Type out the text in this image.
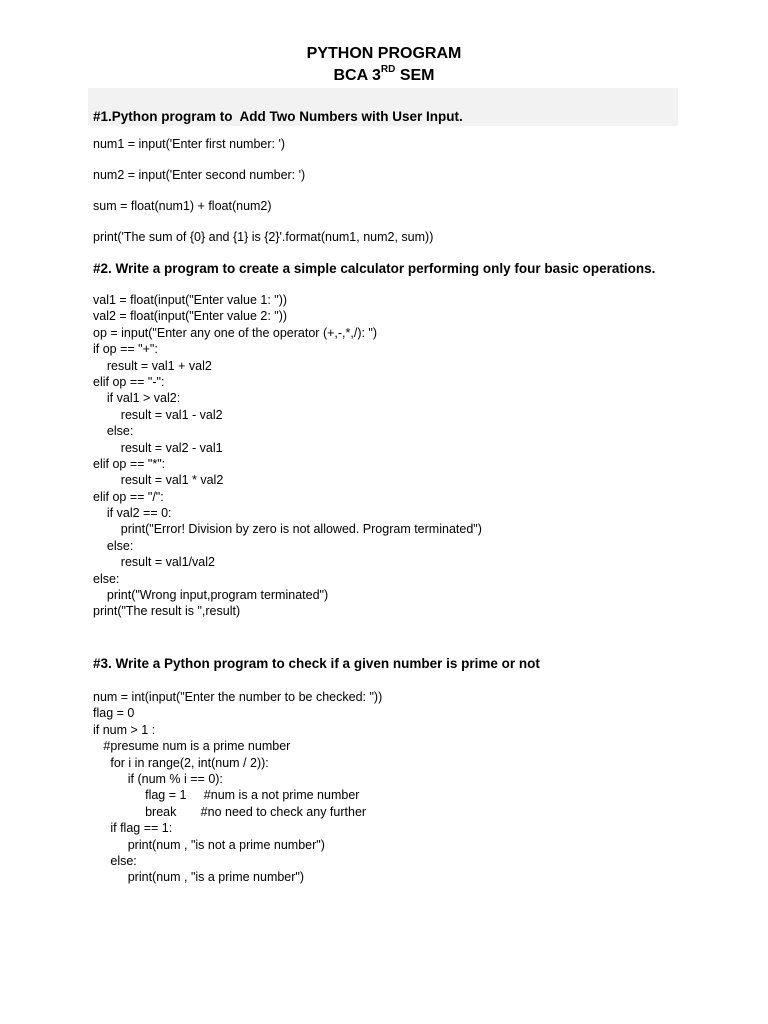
PYTHON PROGRAM
BCA 3RD SEM
#1.Python program to  Add Two Numbers with User Input.
num1 = input('Enter first number: ')
num2 = input('Enter second number: ')
sum = float(num1) + float(num2)
print('The sum of {0} and {1} is {2}'.format(num1, num2, sum))
#2. Write a program to create a simple calculator performing only four basic operations.
val1 = float(input("Enter value 1: "))
val2 = float(input("Enter value 2: "))
op = input("Enter any one of the operator (+,-,*,/): ")
if op == "+":
result = val1 + val2
elif op == "-":
if val1 > val2:
result = val1 - val2
else:
result = val2 - val1
elif op == "*":
result = val1 * val2
elif op == "/":
if val2 == 0:
print("Error! Division by zero is not allowed. Program terminated")
else:
result = val1/val2
else:
print("Wrong input,program terminated")
print("The result is ",result)
#3. Write a Python program to check if a given number is prime or not
num = int(input("Enter the number to be checked: "))
flag = 0
if num > 1 :
#presume num is a prime number
for i in range(2, int(num / 2)):
if (num % i == 0):
flag = 1     #num is a not prime number
break       #no need to check any further
if flag == 1:
print(num , "is not a prime number")
else:
print(num , "is a prime number")
